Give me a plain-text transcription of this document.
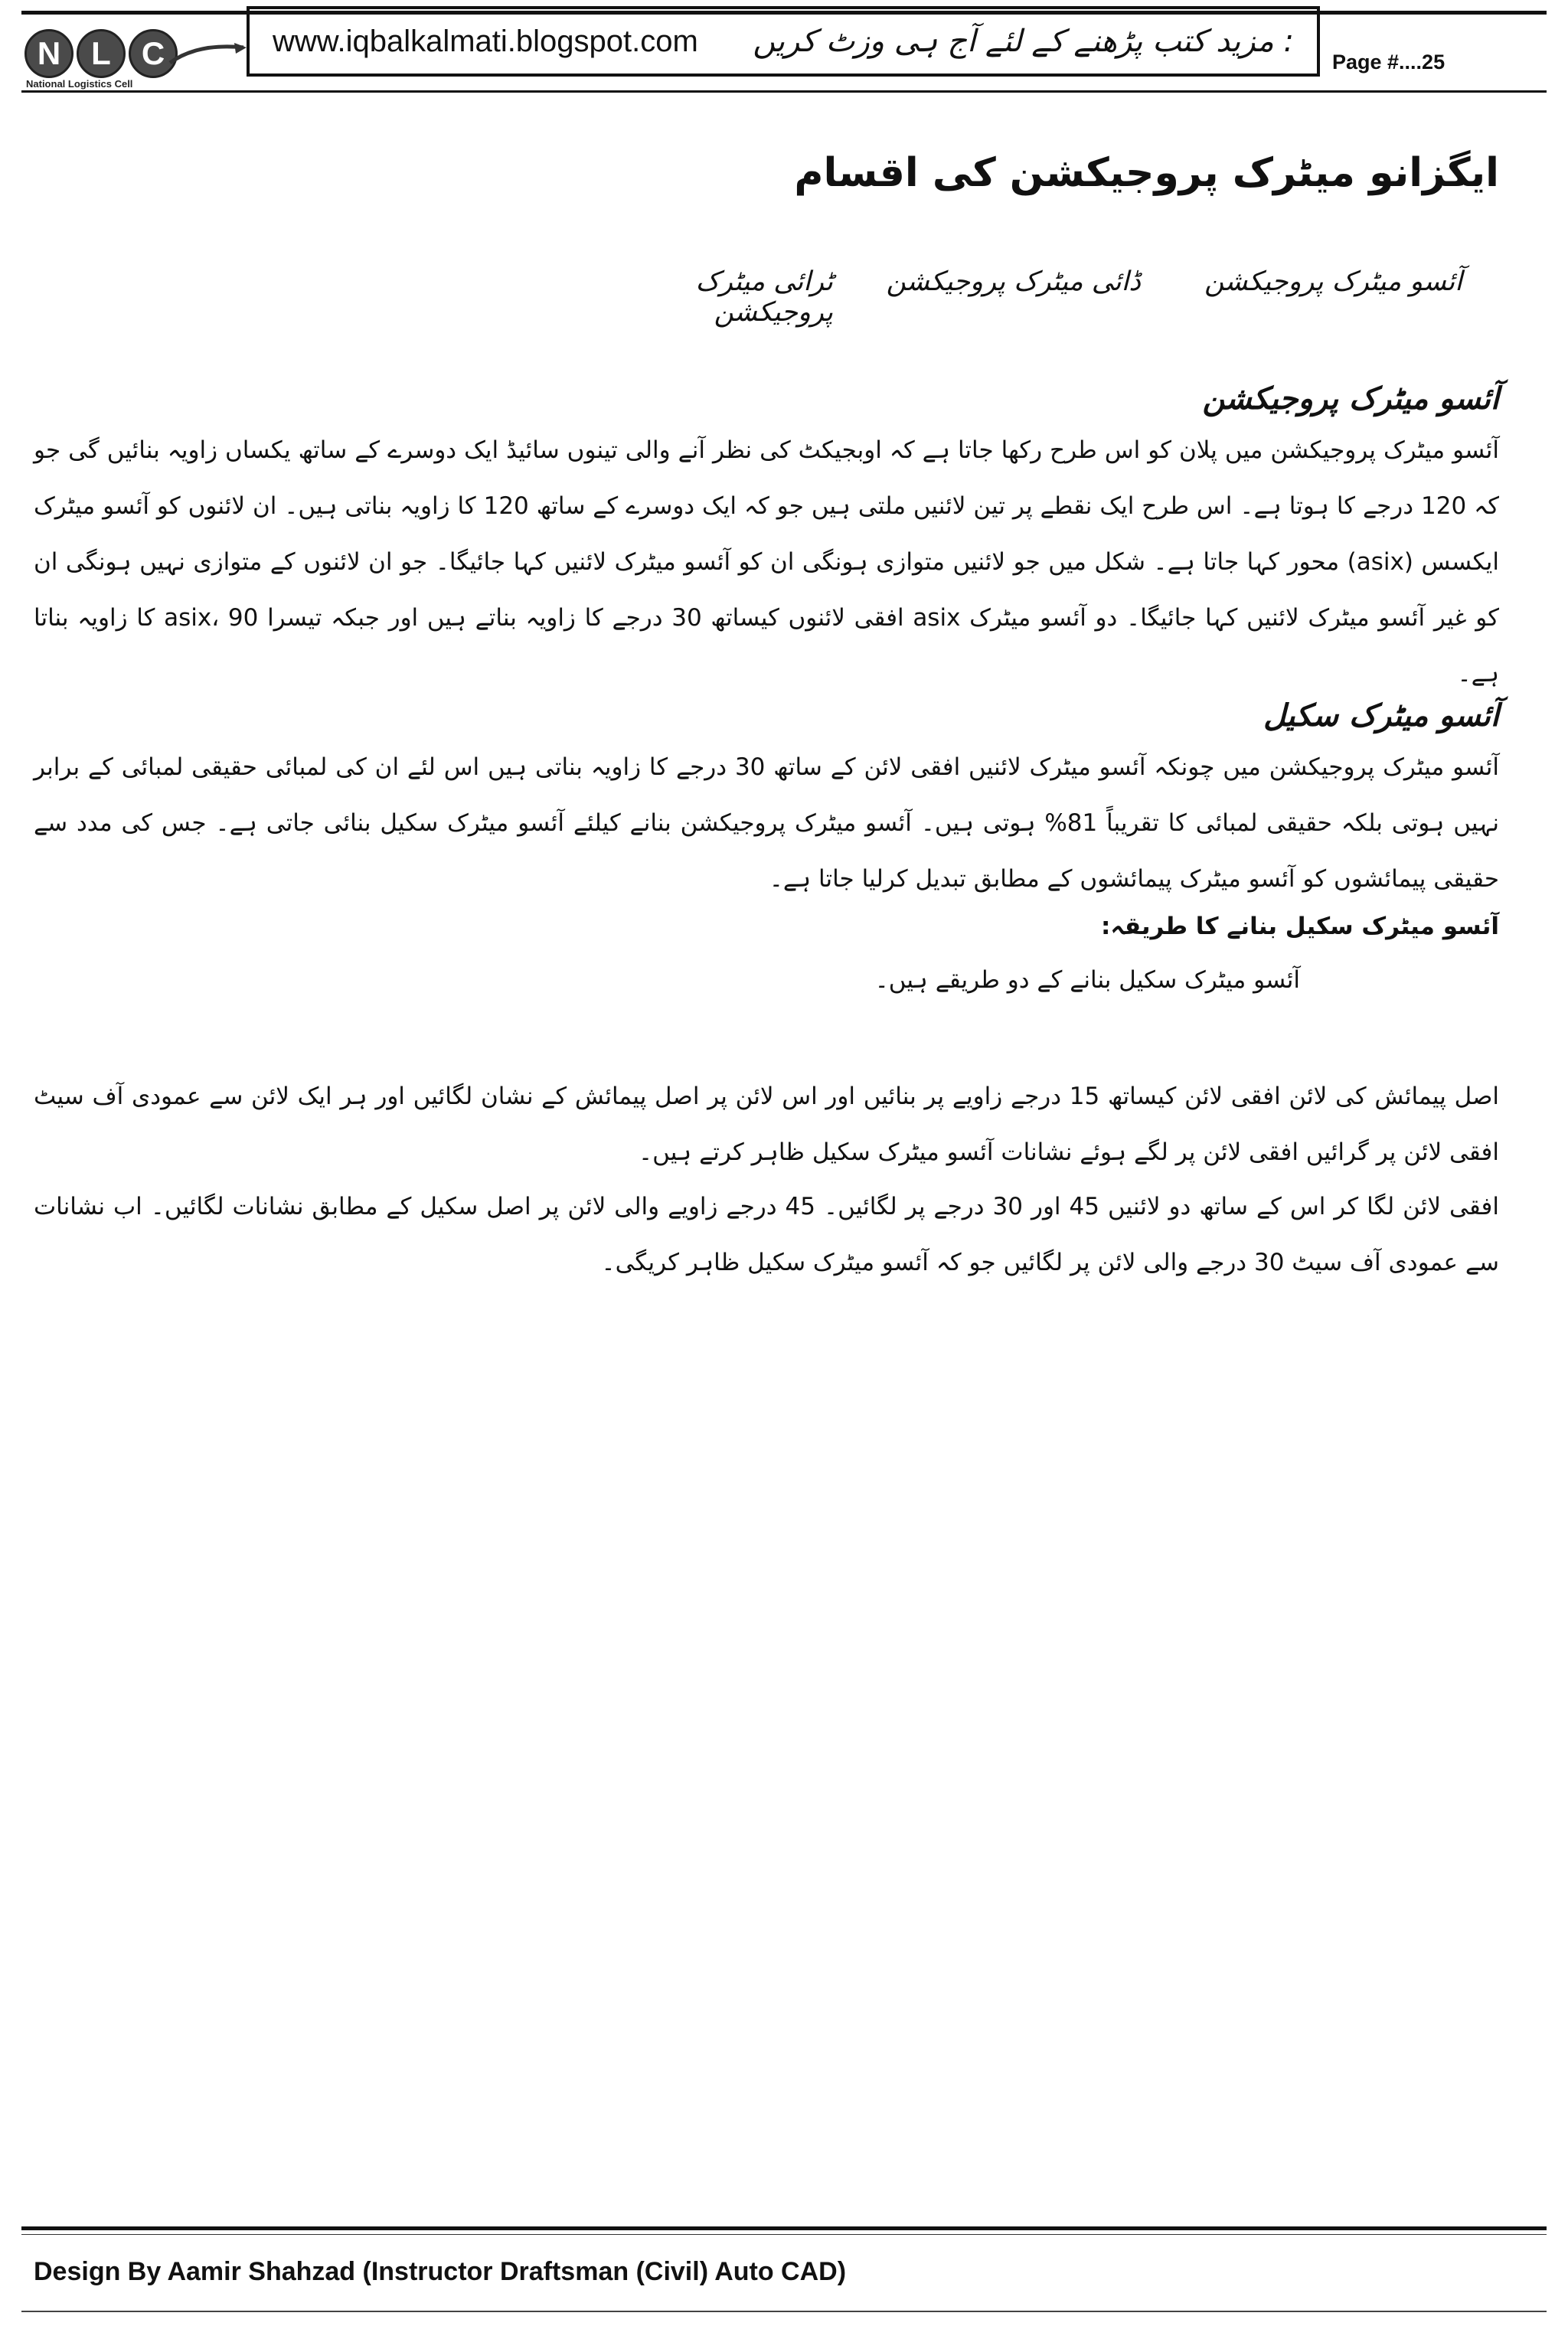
N L C
National Logistics Cell
www.iqbalkalmati.blogspot.com : مزید کتب پڑھنے کے لئے آج ہی وزٹ کریں
Page #....25
ایگزانو میٹرک پروجیکشن کی اقسام
آئسو میٹرک پروجیکشن
ڈائی میٹرک پروجیکشن
ٹرائی میٹرک پروجیکشن
آئسو میٹرک پروجیکشن
آئسو میٹرک پروجیکشن میں پلان کو اس طرح رکھا جاتا ہے کہ اوبجیکٹ کی نظر آنے والی تینوں سائیڈ ایک دوسرے کے ساتھ یکساں زاویہ بنائیں گی جو کہ 120 درجے کا ہوتا ہے۔ اس طرح ایک نقطے پر تین لائنیں ملتی ہیں جو کہ ایک دوسرے کے ساتھ 120 کا زاویہ بناتی ہیں۔ ان لائنوں کو آئسو میٹرک ایکسس (asix) محور کہا جاتا ہے۔ شکل میں جو لائنیں متوازی ہونگی ان کو آئسو میٹرک لائنیں کہا جائیگا۔ جو ان لائنوں کے متوازی نہیں ہونگی ان کو غیر آئسو میٹرک لائنیں کہا جائیگا۔ دو آئسو میٹرک asix افقی لائنوں کیساتھ 30 درجے کا زاویہ بناتے ہیں اور جبکہ تیسرا asix، 90 کا زاویہ بناتا ہے۔
آئسو میٹرک سکیل
آئسو میٹرک پروجیکشن میں چونکہ آئسو میٹرک لائنیں افقی لائن کے ساتھ 30 درجے کا زاویہ بناتی ہیں اس لئے ان کی لمبائی حقیقی لمبائی کے برابر نہیں ہوتی بلکہ حقیقی لمبائی کا تقریباً 81% ہوتی ہیں۔ آئسو میٹرک پروجیکشن بنانے کیلئے آئسو میٹرک سکیل بنائی جاتی ہے۔ جس کی مدد سے حقیقی پیمائشوں کو آئسو میٹرک پیمائشوں کے مطابق تبدیل کرلیا جاتا ہے۔
آئسو میٹرک سکیل بنانے کا طریقہ:
آئسو میٹرک سکیل بنانے کے دو طریقے ہیں۔
اصل پیمائش کی لائن افقی لائن کیساتھ 15 درجے زاویے پر بنائیں اور اس لائن پر اصل پیمائش کے نشان لگائیں اور ہر ایک لائن سے عمودی آف سیٹ افقی لائن پر گرائیں افقی لائن پر لگے ہوئے نشانات آئسو میٹرک سکیل ظاہر کرتے ہیں۔
افقی لائن لگا کر اس کے ساتھ دو لائنیں 45 اور 30 درجے پر لگائیں۔ 45 درجے زاویے والی لائن پر اصل سکیل کے مطابق نشانات لگائیں۔ اب نشانات سے عمودی آف سیٹ 30 درجے والی لائن پر لگائیں جو کہ آئسو میٹرک سکیل ظاہر کریگی۔
Design By Aamir Shahzad (Instructor Draftsman (Civil) Auto CAD)
